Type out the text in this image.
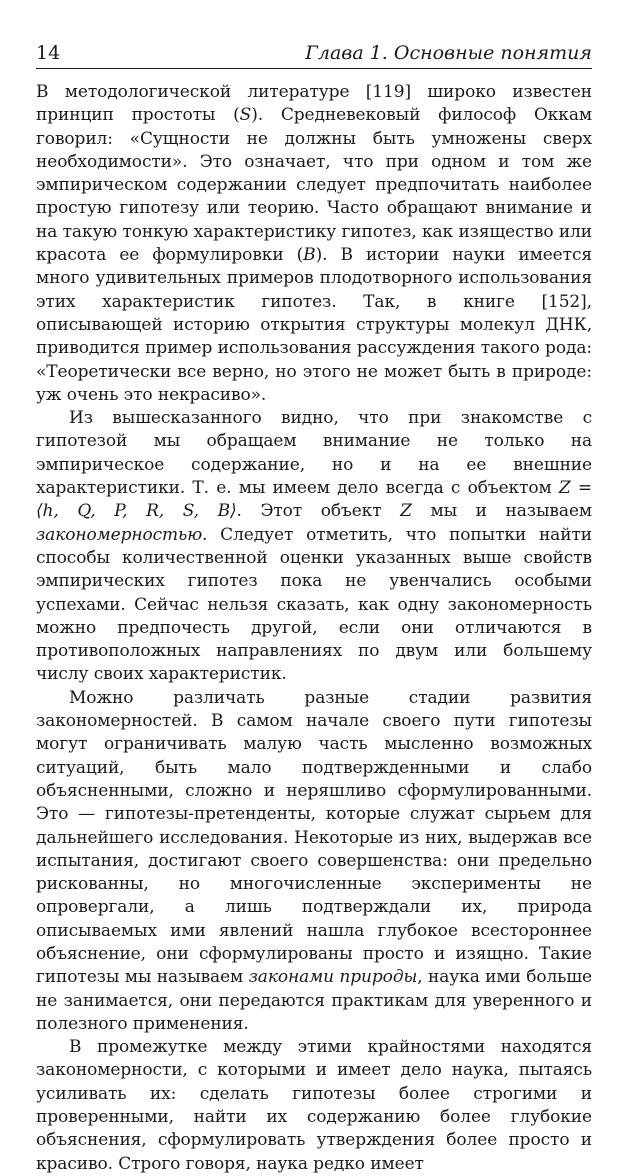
14	Глава 1. Основные понятия

В методологической литературе [119] широко известен принцип простоты (S). Средневековый философ Оккам говорил: «Сущности не должны быть умножены сверх необходимости». Это означает, что при одном и том же эмпирическом содержании следует предпочитать наиболее простую гипотезу или теорию. Часто обращают внимание и на такую тонкую характеристику гипотез, как изящество или красота ее формулировки (B). В истории науки имеется много удивительных примеров плодотворного использования этих характеристик гипотез. Так, в книге [152], описывающей историю открытия структуры молекул ДНК, приводится пример использования рассуждения такого рода: «Теоретически все верно, но этого не может быть в природе: уж очень это некрасиво».

Из вышесказанного видно, что при знакомстве с гипотезой мы обращаем внимание не только на эмпирическое содержание, но и на ее внешние характеристики. Т. е. мы имеем дело всегда с объектом Z = ⟨h, Q, P, R, S, B⟩. Этот объект Z мы и называем закономерностью. Следует отметить, что попытки найти способы количественной оценки указанных выше свойств эмпирических гипотез пока не увенчались особыми успехами. Сейчас нельзя сказать, как одну закономерность можно предпочесть другой, если они отличаются в противоположных направлениях по двум или большему числу своих характеристик.

Можно различать разные стадии развития закономерностей. В самом начале своего пути гипотезы могут ограничивать малую часть мысленно возможных ситуаций, быть мало подтвержденными и слабо объясненными, сложно и неряшливо сформулированными. Это — гипотезы-претенденты, которые служат сырьем для дальнейшего исследования. Некоторые из них, выдержав все испытания, достигают своего совершенства: они предельно рискованны, но многочисленные эксперименты не опровергали, а лишь подтверждали их, природа описываемых ими явлений нашла глубокое всестороннее объяснение, они сформулированы просто и изящно. Такие гипотезы мы называем законами природы, наука ими больше не занимается, они передаются практикам для уверенного и полезного применения.

В промежутке между этими крайностями находятся закономерности, с которыми и имеет дело наука, пытаясь усиливать их: сделать гипотезы более строгими и проверенными, найти их содержанию более глубокие объяснения, сформулировать утверждения более просто и красиво. Строго говоря, наука редко имеет
